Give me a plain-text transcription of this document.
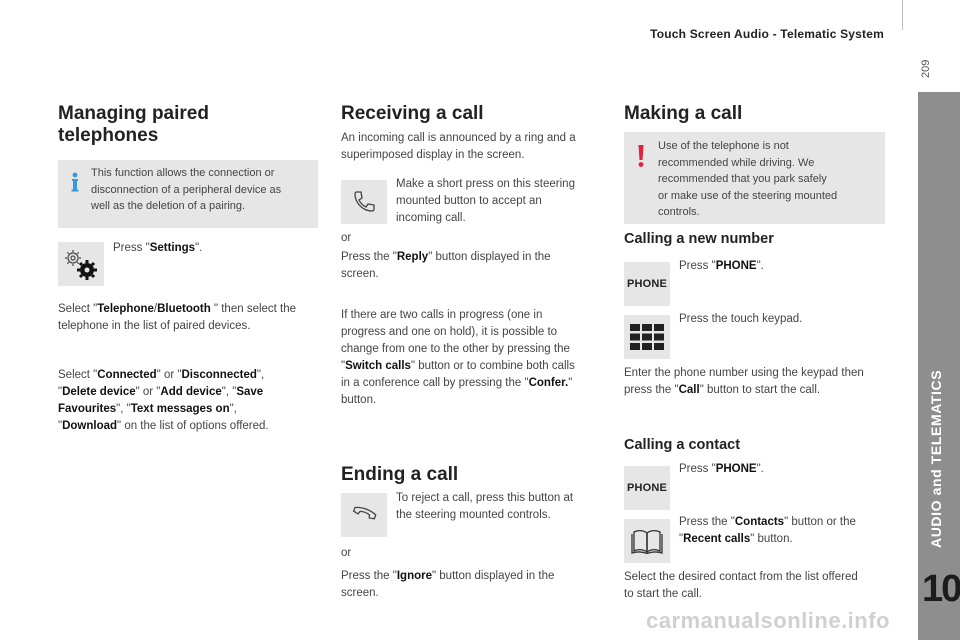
Touch Screen Audio - Telematic System
209
AUDIO and TELEMATICS
10
Managing paired
telephones
This function allows the connection or
disconnection of a peripheral device as
well as the deletion of a pairing.
Press "Settings".
Select "Telephone/Bluetooth " then select the
telephone in the list of paired devices.
Select "Connected" or "Disconnected",
"Delete device" or "Add device", "Save
Favourites", "Text messages on",
"Download" on the list of options offered.
Receiving a call
An incoming call is announced by a ring and a
superimposed display in the screen.
Make a short press on this steering
mounted button to accept an
incoming call.
or
Press the "Reply" button displayed in the
screen.
If there are two calls in progress (one in
progress and one on hold), it is possible to
change from one to the other by pressing the
"Switch calls" button or to combine both calls
in a conference call by pressing the "Confer."
button.
Ending a call
To reject a call, press this button at
the steering mounted controls.
or
Press the "Ignore" button displayed in the
screen.
Making a call
Use of the telephone is not
recommended while driving. We
recommended that you park safely
or make use of the steering mounted
controls.
Calling a new number
PHONE
Press "PHONE".
Press the touch keypad.
Enter the phone number using the keypad then
press the "Call" button to start the call.
Calling a contact
PHONE
Press "PHONE".
Press the "Contacts" button or the
"Recent calls" button.
Select the desired contact from the list offered
to start the call.
carmanualsonline.info
